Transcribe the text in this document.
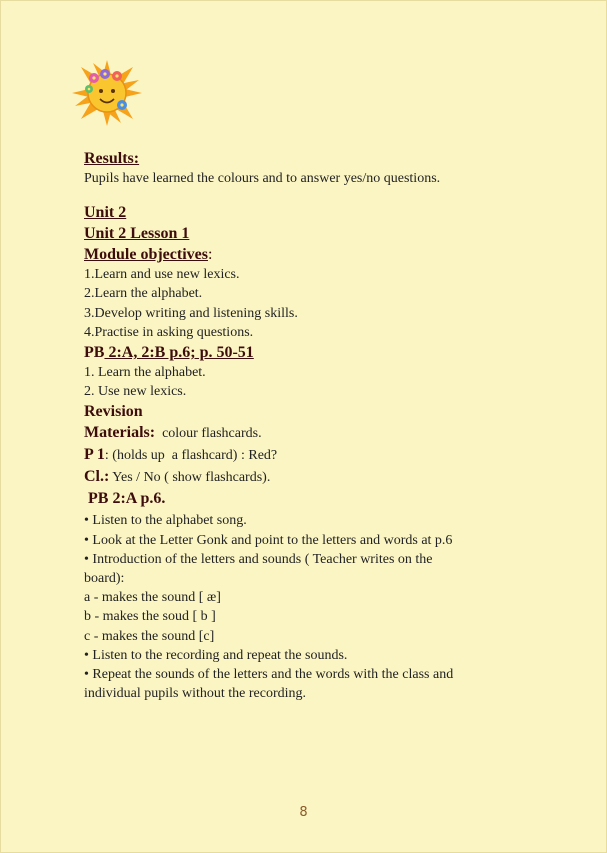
Results:
Pupils have learned the colours and to answer yes/no questions.
Unit 2
Unit 2 Lesson 1
Module objectives:
1.Learn and use new lexics.
2.Learn the alphabet.
3.Develop writing and listening skills.
4.Practise in asking questions.
PB 2:A, 2:B p.6; p. 50-51
1. Learn the alphabet.
2. Use new lexics.
Revision
Materials:  colour flashcards.
P 1: (holds up  a flashcard) : Red?
Cl.: Yes / No ( show flashcards).
PB 2:A p.6.
• Listen to the alphabet song.
• Look at the Letter Gonk and point to the letters and words at p.6
• Introduction of the letters and sounds ( Teacher writes on the board):
a - makes the sound [ æ]
b - makes the soud [ b ]
c - makes the sound [c]
• Listen to the recording and repeat the sounds.
• Repeat the sounds of the letters and the words with the class and individual pupils without the recording.
8
